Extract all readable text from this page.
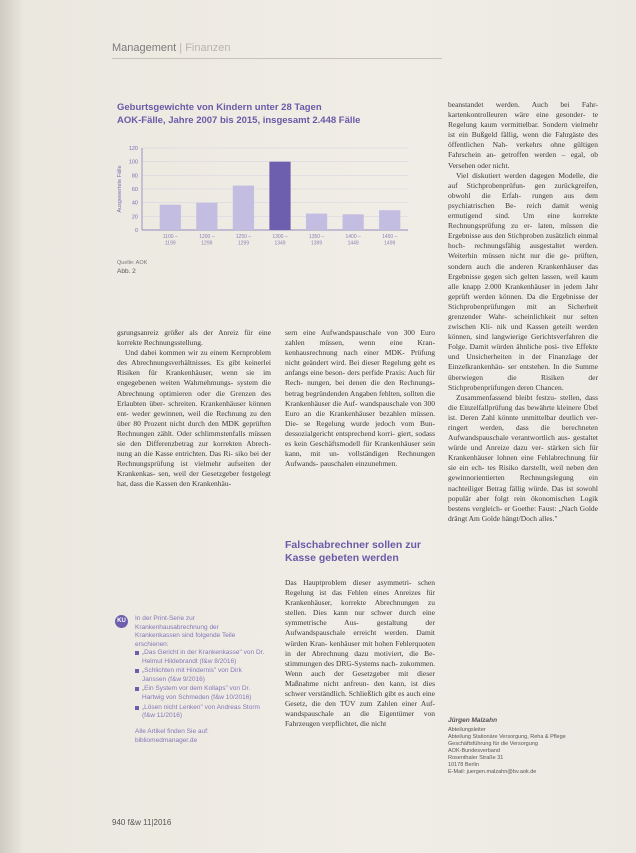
Management | Finanzen
Geburtsgewichte von Kindern unter 28 Tagen
AOK-Fälle, Jahre 2007 bis 2015, insgesamt 2.448 Fälle
Ausgewertete Fälle
0
20
40
60
80
100
120
1100 –
1199
1200 –
1299
1250 –
1299
1300 –
1349
1350 –
1399
1400 –
1449
1450 –
1499
Quelle: AOK
Abb. 2

gsrungsanreiz größer als der Anreiz für eine korrekte Rechnungsstellung.

Und dabei kommen wir zu einem Kernproblem des Abrechnungsverhältnisses. Es gibt keinerlei Risiken für Krankenhäuser, wenn sie im engegebenen weiten Wahrnehmungs- system die Abrechnung optimieren oder die Grenzen des Erlaubten über- schreiten. Krankenhäuser können ent- weder gewinnen, weil die Rechnung zu den über 80 Prozent nicht durch den MDK geprüften Rechnungen zählt. Oder schlimmstenfalls müssen sie den Differenzbetrag zur korrekten Abrech- nung an die Kasse entrichten. Das Ri- siko bei der Rechnungsprüfung ist vielmehr aufseiten der Krankenkas- sen, weil der Gesetzgeber festgelegt hat, dass die Kassen den Krankenhäu-

sern eine Aufwandspauschale von 300 Euro zahlen müssen, wenn eine Kran- kenhausrechnung nach einer MDK- Prüfung nicht geändert wird. Bei dieser Regelung geht es anfangs eine beson- ders perfide Praxis: Auch für Rech- nungen, bei denen die den Rechnungs- betrag begründenden Angaben fehlten, sollten die Krankenhäuser die Auf- wandspauschale von 300 Euro an die Krankenhäuser bezahlen müssen. Die- se Regelung wurde jedoch vom Bun- dessozialgericht entsprechend korri- giert, sodass es kein Geschäftsmodell für Krankenhäuser sein kann, mit un- vollständigen Rechnungen Aufwands- pauschalen einzunehmen.

Falschabrechner sollen zur Kasse gebeten werden

Das Hauptproblem dieser asymmetri- schen Regelung ist das Fehlen eines Anreizes für Krankenhäuser, korrekte Abrechnungen zu stellen. Dies kann nur schwer durch eine symmetrische Aus- gestaltung der Aufwandspauschale erreicht werden. Damit würden Kran- kenhäuser mit hohen Fehlerquoten in der Abrechnung dazu motiviert, die Be- stimmungen des DRG-Systems nach- zukommen. Wenn auch der Gesetzgeber mit dieser Maßnahme nicht anfreun- den kann, ist dies schwer verständlich. Schließlich gibt es auch eine Gesetz, die den TÜV zum Zahlen einer Auf- wandspauschale an die Eigentümer von Fahrzeugen verpflichtet, die nicht

beanstandet werden. Auch bei Fahr- kartenkontrolleuren wäre eine gesonder- te Regelung kaum vermittelbar. Sondern vielmehr ist ein Bußgeld fällig, wenn die Fahrgäste des öffentlichen Nah- verkehrs ohne gültigen Fahrschein an- getroffen werden – egal, ob Versehen oder nicht.

Viel diskutiert werden dagegen Modelle, die auf Stichprobenprüfun- gen zurückgreifen, obwohl die Erfah- rungen aus dem psychiatrischen Be- reich damit wenig ermutigend sind. Um eine korrekte Rechnungsprüfung zu er- laten, müssen die Ergebnisse aus den Stichproben zusätzlich einmal hoch- rechnungsfähig ausgestaltet werden. Weiterhin müssen nicht nur die ge- prüften, sondern auch die anderen Krankenhäuser das Ergebnisse gegen sich gelten lassen, weil kaum alle knapp 2.000 Krankenhäuser in jedem Jahr geprüft werden können. Da die Ergebnisse der Stichprobenprüfungen mit an Sicherheit grenzender Wahr- scheinlichkeit nur selten zwischen Kli- nik und Kassen geteilt werden können, sind langwierige Gerichtsverfahren die Folge. Damit würden ähnliche posi- tive Effekte und Unsicherheiten in der Finanzlage der Einzelkrankenhäu- ser entstehen. In die Summe überwiegen die Risiken der Stichprobenprüfungen deren Chancen.

Zusammenfassend bleibt festzu- stellen, dass die Einzelfallprüfung das bewährte kleinere Übel ist. Deren Zahl könnte unmittelbar deutlich ver- ringert werden, dass die berechneten Aufwandspauschale verantwortlich aus- gestaltet würde und Anreize dazu ver- stärken sich für Krankenhäuser lohnen eine Fehlabrechnung für sie ein ech- tes Risiko darstellt, weil neben den gewinnorientierten Rechnungslegung ein nachteiliger Betrag fällig würde. Das ist sowohl populär aber folgt rein ökonomischen Logik bestens vergleich- er Goethe: Faust: „Nach Golde drängt Am Golde hängt/Doch alles."

KU	In der Print-Serie zur Krankenhausabrechnung der Krankenkassen sind folgende Teile erschienen:
„Das Gericht in der Krankenkasse" von Dr. Helmut Hildebrandt (f&w 8/2016)
„Schlichten mit Hindernis" von Dirk Janssen (f&w 9/2016)
„Ein System vor dem Kollaps" von Dr. Hartwig von Schmeden (f&w 10/2016)
„Lösen nicht Lenken" von Andreas Storm (f&w 11/2016)
Alle Artikel finden Sie auf: bibliomedmanager.de
Jürgen Malzahn
Abteilungsleiter
Abteilung Stationäre Versorgung, Reha & Pflege
Geschäftsführung für die Versorgung
AOK-Bundesverband
Rosenthaler Straße 31
10178 Berlin
E-Mail: juergen.malzahn@bv.aok.de
940 f&w 11|2016
